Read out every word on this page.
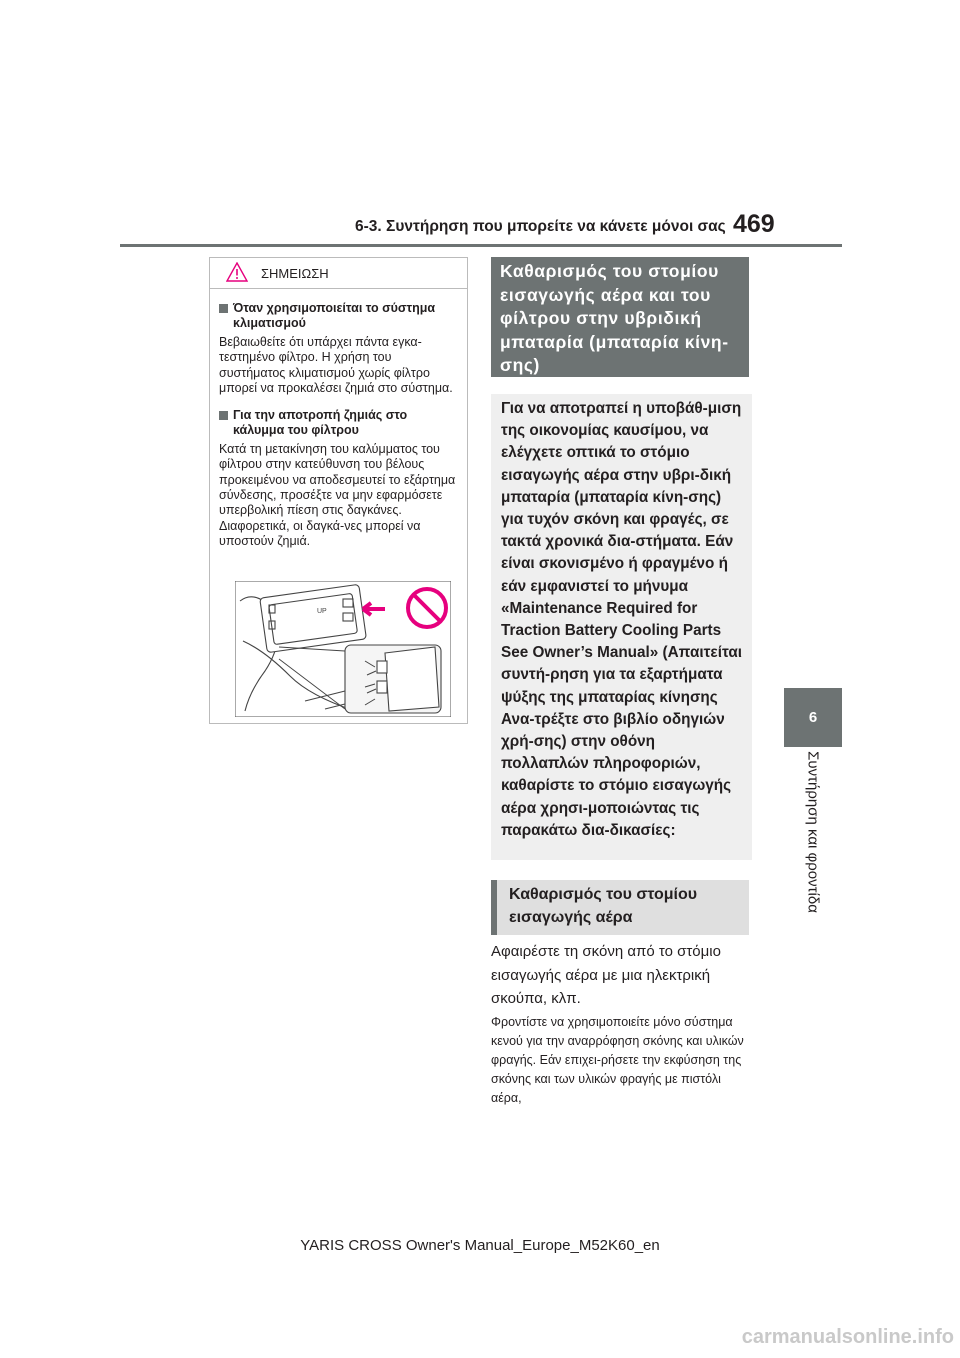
6-3. Συντήρηση που μπορείτε να κάνετε μόνοι σας 469
6
Συντήρηση και φροντίδα
ΣΗΜΕΙΩΣΗ
Όταν χρησιμοποιείται το σύστημα κλιματισμού
Βεβαιωθείτε ότι υπάρχει πάντα εγκα-τεστημένο φίλτρο. Η χρήση του συστήματος κλιματισμού χωρίς φίλτρο μπορεί να προκαλέσει ζημιά στο σύστημα.
Για την αποτροπή ζημιάς στο κάλυμμα του φίλτρου
Κατά τη μετακίνηση του καλύμματος του φίλτρου στην κατεύθυνση του βέλους προκειμένου να αποδεσμευτεί το εξάρτημα σύνδεσης, προσέξτε να μην εφαρμόσετε υπερβολική πίεση στις δαγκάνες. Διαφορετικά, οι δαγκά-νες μπορεί να υποστούν ζημιά.
UP
Καθαρισμός του στομίου εισαγωγής αέρα και του φίλτρου στην υβριδική μπαταρία (μπαταρία κίνη-σης)
Για να αποτραπεί η υποβάθ-μιση της οικονομίας καυσίμου, να ελέγχετε οπτικά το στόμιο εισαγωγής αέρα στην υβρι-δική μπαταρία (μπαταρία κίνη-σης) για τυχόν σκόνη και φραγές, σε τακτά χρονικά δια-στήματα. Εάν είναι σκονισμένο ή φραγμένο ή εάν εμφανιστεί το μήνυμα «Maintenance Required for Traction Battery Cooling Parts See Owner’s Manual» (Απαιτείται συντή-ρηση για τα εξαρτήματα ψύξης της μπαταρίας κίνησης Ανα-τρέξτε στο βιβλίο οδηγιών χρή-σης) στην οθόνη πολλαπλών πληροφοριών, καθαρίστε το στόμιο εισαγωγής αέρα χρησι-μοποιώντας τις παρακάτω δια-δικασίες:
Καθαρισμός του στομίου εισαγωγής αέρα
Αφαιρέστε τη σκόνη από το στόμιο εισαγωγής αέρα με μια ηλεκτρική σκούπα, κλπ.
Φροντίστε να χρησιμοποιείτε μόνο σύστημα κενού για την αναρρόφηση σκόνης και υλικών φραγής. Εάν επιχει-ρήσετε την εκφύσηση της σκόνης και των υλικών φραγής με πιστόλι αέρα,
YARIS CROSS Owner's Manual_Europe_M52K60_en
carmanualsonline.info
